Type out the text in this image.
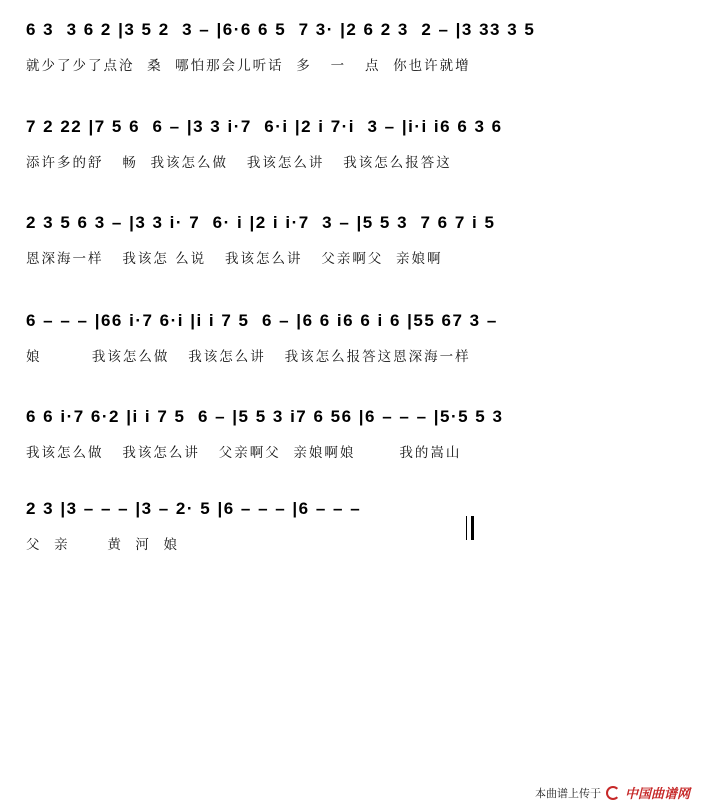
6 3  3 6 2 |3 5 2  3 – |6·6 6 5  7 3· |2 6 2 3  2 – |3 33 3 5
就少了少了点沧  桑  哪怕那会儿听话  多   一   点  你也许就增
7 2 22 |7 5 6  6 – |3 3 i·7  6·i |2 i 7·i  3 – |i·i i6 6 3 6
添许多的舒   畅  我该怎么做   我该怎么讲   我该怎么报答这
2 3 5 6 3 – |3 3 i· 7  6· i |2 i i·7  3 – |5 5 3  7 6 7 i 5
恩深海一样   我该怎 么说   我该怎么讲   父亲啊父  亲娘啊
6 – – – |66 i·7 6·i |i i 7 5  6 – |6 6 i6 6 i 6 |55 67 3 –
娘        我该怎么做   我该怎么讲   我该怎么报答这恩深海一样
6 6 i·7 6·2 |i i 7 5  6 – |5 5 3 i7 6 56 |6 – – – |5·5 5 3
我该怎么做   我该怎么讲   父亲啊父  亲娘啊娘       我的嵩山
2 3 |3 – – – |3 – 2· 5 |6 – – – |6 – – –
父  亲      黄  河  娘
本曲谱上传于 中国曲谱网
